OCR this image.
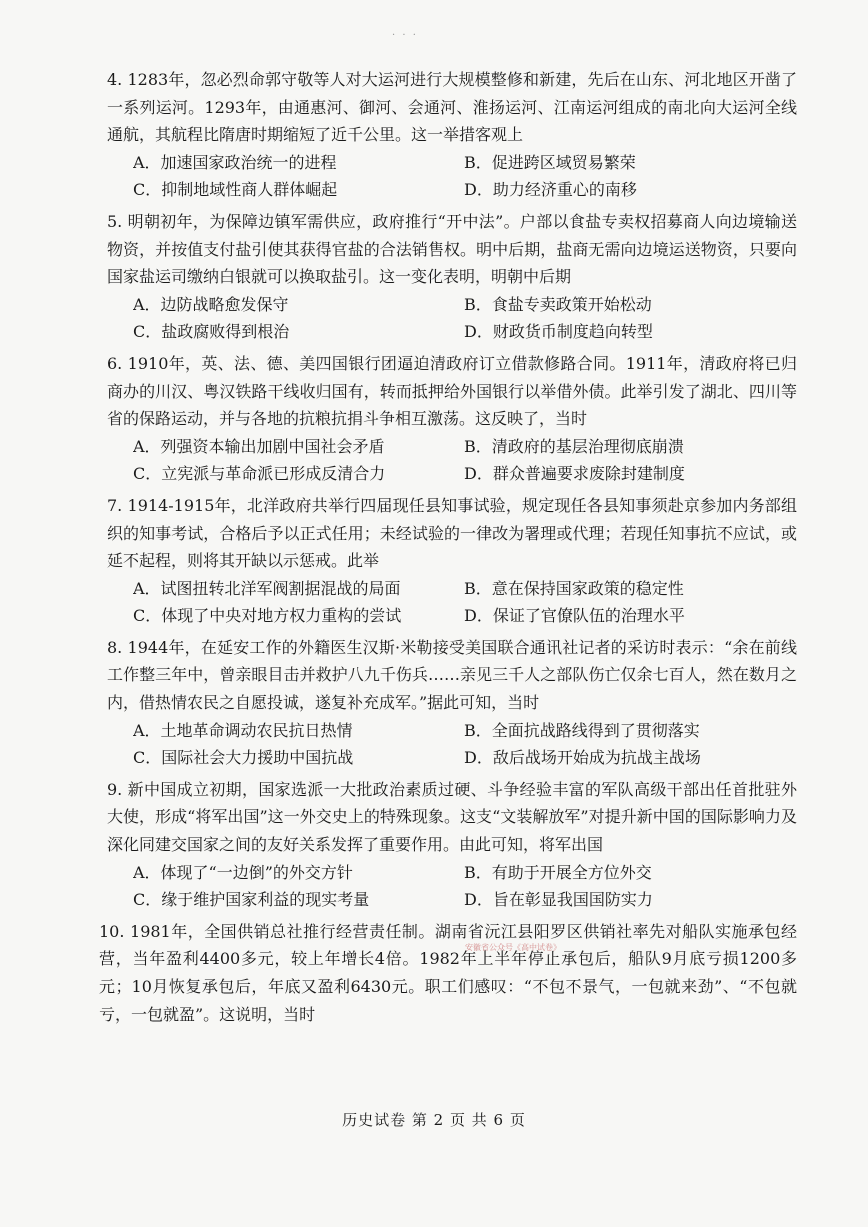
· · ·
4. 1283年，忽必烈命郭守敬等人对大运河进行大规模整修和新建，先后在山东、河北地区开凿了一系列运河。1293年，由通惠河、御河、会通河、淮扬运河、江南运河组成的南北向大运河全线通航，其航程比隋唐时期缩短了近千公里。这一举措客观上
A．加速国家政治统一的进程	B．促进跨区域贸易繁荣
C．抑制地域性商人群体崛起	D．助力经济重心的南移
5. 明朝初年，为保障边镇军需供应，政府推行“开中法”。户部以食盐专卖权招募商人向边境输送物资，并按值支付盐引使其获得官盐的合法销售权。明中后期，盐商无需向边境运送物资，只要向国家盐运司缴纳白银就可以换取盐引。这一变化表明，明朝中后期
A．边防战略愈发保守	B．食盐专卖政策开始松动
C．盐政腐败得到根治	D．财政货币制度趋向转型
6. 1910年，英、法、德、美四国银行团逼迫清政府订立借款修路合同。1911年，清政府将已归商办的川汉、粤汉铁路干线收归国有，转而抵押给外国银行以举借外债。此举引发了湖北、四川等省的保路运动，并与各地的抗粮抗捐斗争相互激荡。这反映了，当时
A．列强资本输出加剧中国社会矛盾	B．清政府的基层治理彻底崩溃
C．立宪派与革命派已形成反清合力	D．群众普遍要求废除封建制度
7. 1914-1915年，北洋政府共举行四届现任县知事试验，规定现任各县知事须赴京参加内务部组织的知事考试，合格后予以正式任用；未经试验的一律改为署理或代理；若现任知事抗不应试，或延不起程，则将其开缺以示惩戒。此举
A．试图扭转北洋军阀割据混战的局面	B．意在保持国家政策的稳定性
C．体现了中央对地方权力重构的尝试	D．保证了官僚队伍的治理水平
8. 1944年，在延安工作的外籍医生汉斯·米勒接受美国联合通讯社记者的采访时表示：“余在前线工作整三年中，曾亲眼目击并救护八九千伤兵……亲见三千人之部队伤亡仅余七百人，然在数月之内，借热情农民之自愿投诚，遂复补充成军。”据此可知，当时
A．土地革命调动农民抗日热情	B．全面抗战路线得到了贯彻落实
C．国际社会大力援助中国抗战	D．敌后战场开始成为抗战主战场
9. 新中国成立初期，国家选派一大批政治素质过硬、斗争经验丰富的军队高级干部出任首批驻外大使，形成“将军出国”这一外交史上的特殊现象。这支“文装解放军”对提升新中国的国际影响力及深化同建交国家之间的友好关系发挥了重要作用。由此可知，将军出国
A．体现了“一边倒”的外交方针	B．有助于开展全方位外交
C．缘于维护国家利益的现实考量	D．旨在彰显我国国防实力
10. 1981年，全国供销总社推行经营责任制。湖南省沅江县阳罗区供销社率先对船队实施承包经营，当年盈利4400多元，较上年增长4倍。1982年上半年停止承包后，船队9月底亏损1200多元；10月恢复承包后，年底又盈利6430元。职工们感叹：“不包不景气，一包就来劲”、“不包就亏，一包就盈”。这说明，当时
安徽省公众号《高中试卷》
历史试卷 第 2 页 共 6 页
